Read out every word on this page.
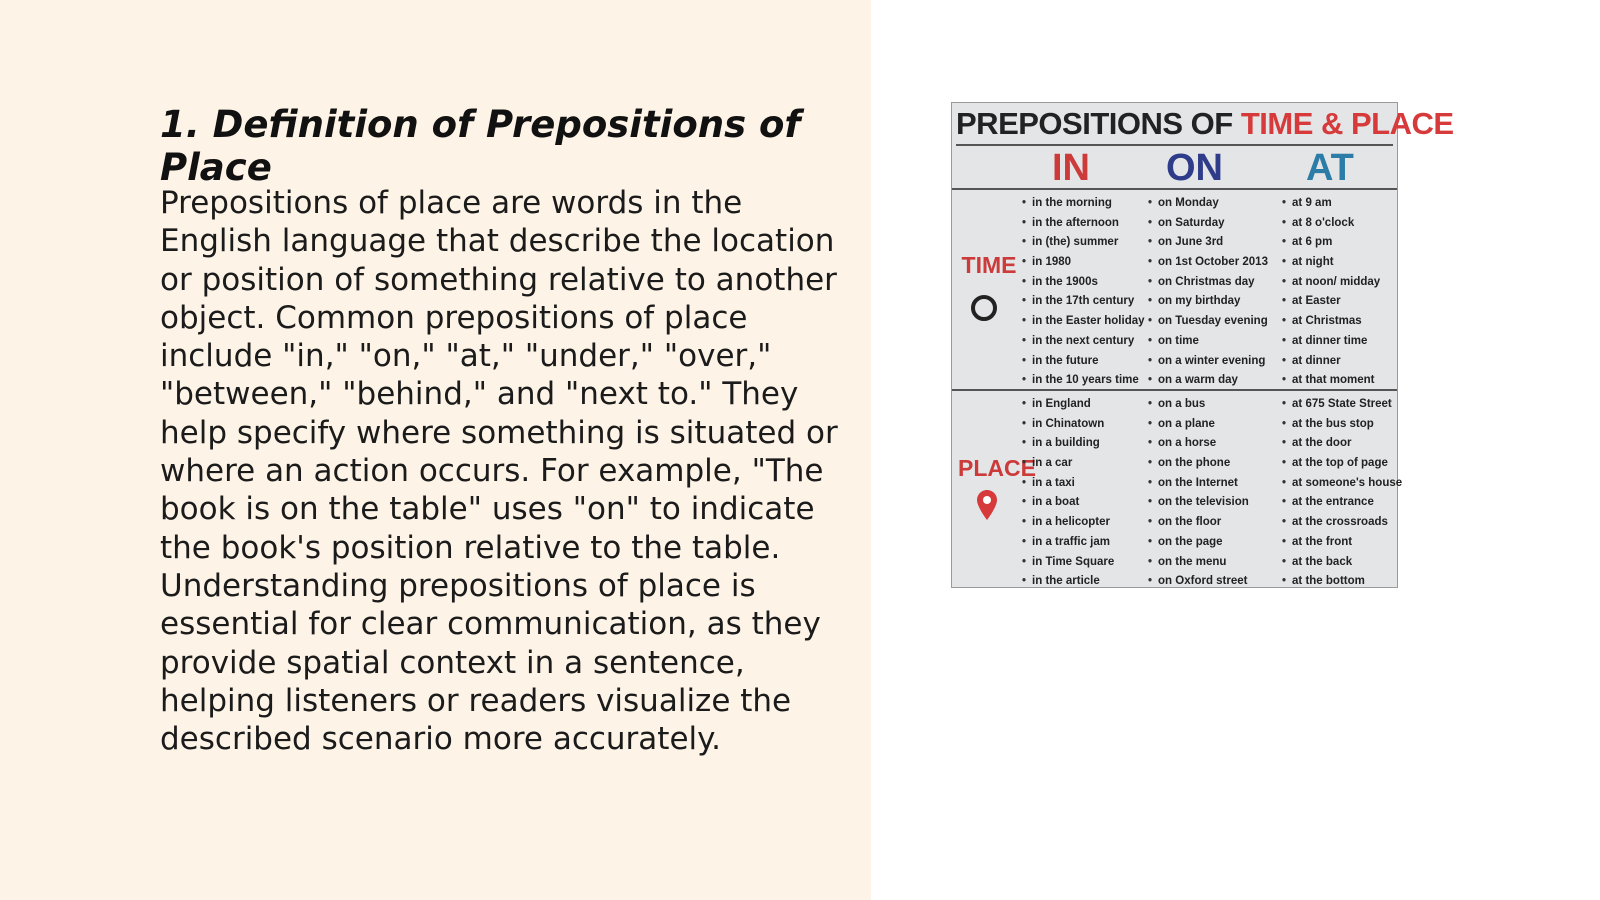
1. Definition of Prepositions of Place

Prepositions of place are words in the English language that describe the location or position of something relative to another object. Common prepositions of place include "in," "on," "at," "under," "over," "between," "behind," and "next to." They help specify where something is situated or where an action occurs. For example, "The book is on the table" uses "on" to indicate the book's position relative to the table. Understanding prepositions of place is essential for clear communication, as they provide spatial context in a sentence, helping listeners or readers visualize the described scenario more accurately.

PREPOSITIONS OF TIME & PLACE
IN ON AT
TIME
• in the morning
• in the afternoon
• in (the) summer
• in 1980
• in the 1900s
• in the 17th century
• in the Easter holiday
• in the next century
• in the future
• in the 10 years time
• on Monday
• on Saturday
• on June 3rd
• on 1st October 2013
• on Christmas day
• on my birthday
• on Tuesday evening
• on time
• on a winter evening
• on a warm day
• at 9 am
• at 8 o'clock
• at 6 pm
• at night
• at noon/ midday
• at Easter
• at Christmas
• at dinner time
• at dinner
• at that moment
PLACE
• in England
• in Chinatown
• in a building
• in a car
• in a taxi
• in a boat
• in a helicopter
• in a traffic jam
• in Time Square
• in the article
• on a bus
• on a plane
• on a horse
• on the phone
• on the Internet
• on the television
• on the floor
• on the page
• on the menu
• on Oxford street
• at 675 State Street
• at the bus stop
• at the door
• at the top of page
• at someone's house
• at the entrance
• at the crossroads
• at the front
• at the back
• at the bottom
